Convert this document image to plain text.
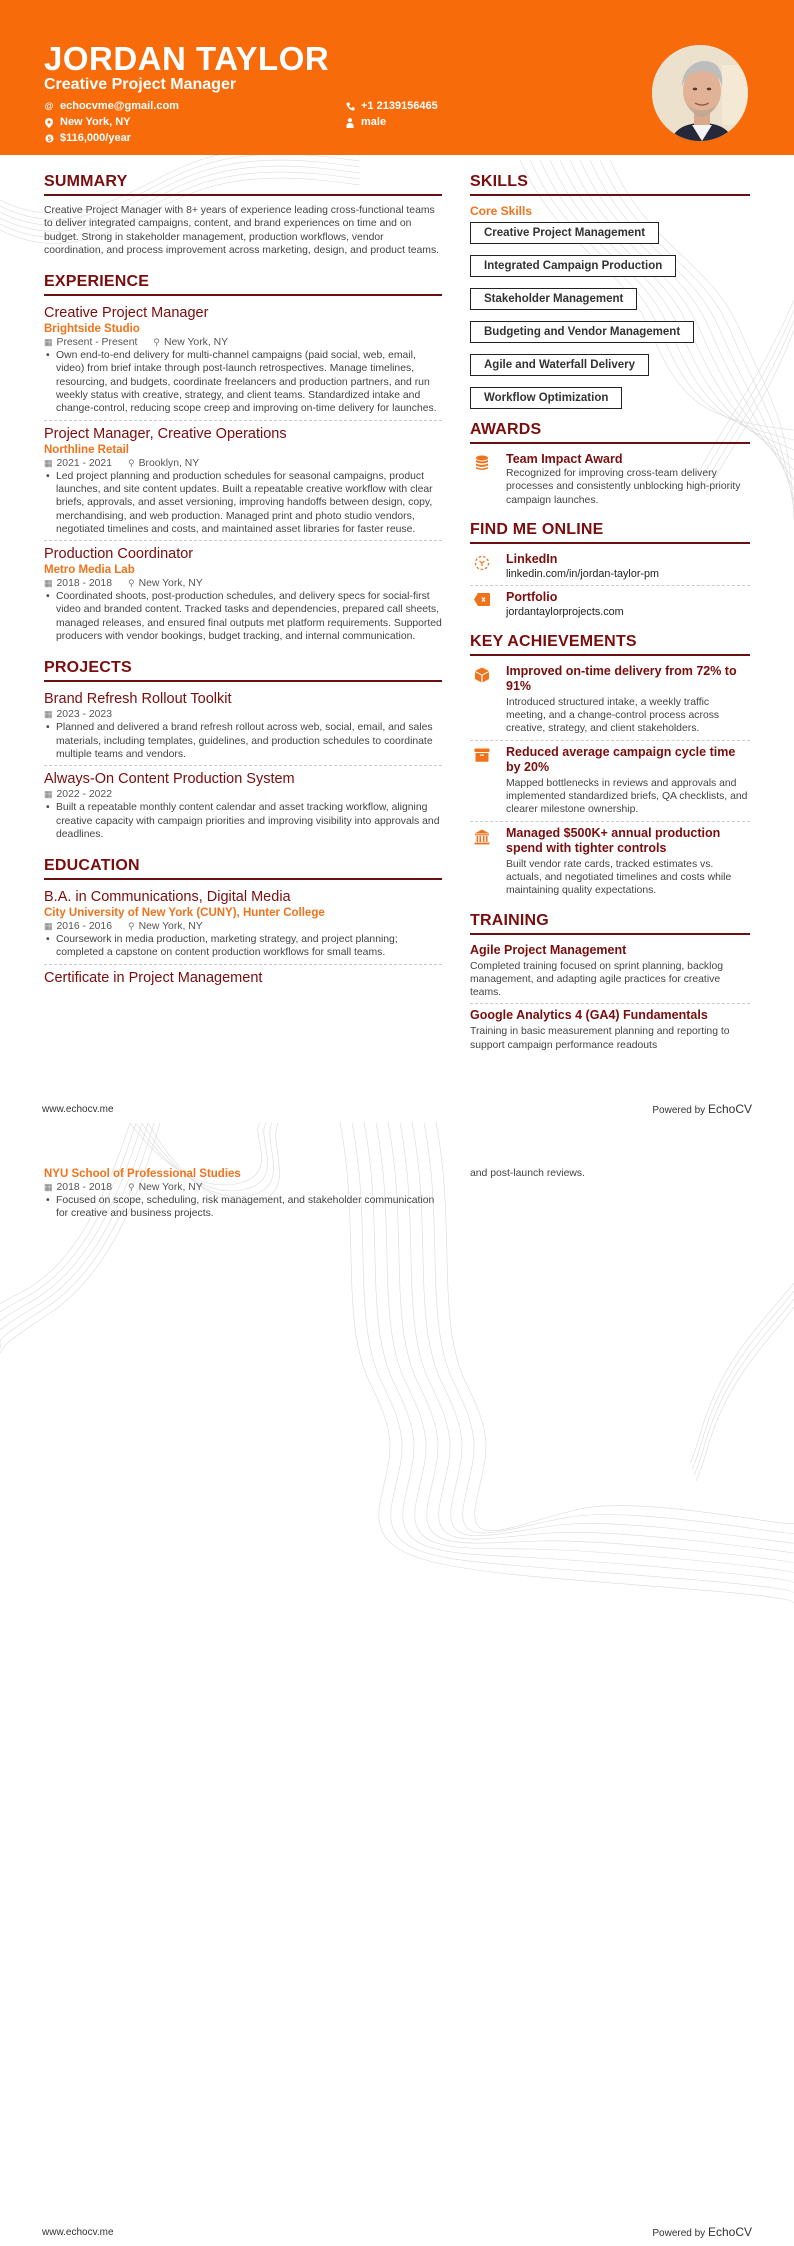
JORDAN TAYLOR
Creative Project Manager
@ echocvme@gmail.com
New York, NY
$ $116,000/year
+1 2139156465
male
SUMMARY

Creative Project Manager with 8+ years of experience leading cross-functional teams to deliver integrated campaigns, content, and brand experiences on time and on budget. Strong in stakeholder management, production workflows, vendor coordination, and process improvement across marketing, design, and product teams.

EXPERIENCE
Creative Project Manager
Brightside Studio
▦ Present - Present ⚲ New York, NY
• Own end-to-end delivery for multi-channel campaigns (paid social, web, email, video) from brief intake through post-launch retrospectives. Manage timelines, resourcing, and budgets, coordinate freelancers and production partners, and run weekly status with creative, strategy, and client teams. Standardized intake and change-control, reducing scope creep and improving on-time delivery for launches.
Project Manager, Creative Operations
Northline Retail
▦ 2021 - 2021 ⚲ Brooklyn, NY
• Led project planning and production schedules for seasonal campaigns, product launches, and site content updates. Built a repeatable creative workflow with clear briefs, approvals, and asset versioning, improving handoffs between design, copy, merchandising, and web production. Managed print and photo studio vendors, negotiated timelines and costs, and maintained asset libraries for faster reuse.
Production Coordinator
Metro Media Lab
▦ 2018 - 2018 ⚲ New York, NY
• Coordinated shoots, post-production schedules, and delivery specs for social-first video and branded content. Tracked tasks and dependencies, prepared call sheets, managed releases, and ensured final outputs met platform requirements. Supported producers with vendor bookings, budget tracking, and internal communication.
PROJECTS
Brand Refresh Rollout Toolkit
▦ 2023 - 2023
• Planned and delivered a brand refresh rollout across web, social, email, and sales materials, including templates, guidelines, and production schedules to coordinate multiple teams and vendors.
Always-On Content Production System
▦ 2022 - 2022
• Built a repeatable monthly content calendar and asset tracking workflow, aligning creative capacity with campaign priorities and improving visibility into approvals and deadlines.
EDUCATION
B.A. in Communications, Digital Media
City University of New York (CUNY), Hunter College
▦ 2016 - 2016 ⚲ New York, NY
• Coursework in media production, marketing strategy, and project planning; completed a capstone on content production workflows for small teams.
Certificate in Project Management
SKILLS
Core Skills
Creative Project Management
Integrated Campaign Production
Stakeholder Management
Budgeting and Vendor Management
Agile and Waterfall Delivery
Workflow Optimization
AWARDS
Team Impact Award
Recognized for improving cross-team delivery processes and consistently unblocking high-priority campaign launches.
FIND ME ONLINE
LinkedIn
linkedin.com/in/jordan-taylor-pm
Portfolio
jordantaylorprojects.com
KEY ACHIEVEMENTS
Improved on-time delivery from 72% to 91%
Introduced structured intake, a weekly traffic meeting, and a change-control process across creative, strategy, and client stakeholders.
Reduced average campaign cycle time by 20%
Mapped bottlenecks in reviews and approvals and implemented standardized briefs, QA checklists, and clearer milestone ownership.
Managed $500K+ annual production spend with tighter controls
Built vendor rate cards, tracked estimates vs. actuals, and negotiated timelines and costs while maintaining quality expectations.
TRAINING
Agile Project Management
Completed training focused on sprint planning, backlog management, and adapting agile practices for creative teams.
Google Analytics 4 (GA4) Fundamentals
Training in basic measurement planning and reporting to support campaign performance readouts
www.echocv.me	Powered by EchoCV
NYU School of Professional Studies
▦ 2018 - 2018 ⚲ New York, NY
• Focused on scope, scheduling, risk management, and stakeholder communication for creative and business projects.
and post-launch reviews.
www.echocv.me	Powered by EchoCV
